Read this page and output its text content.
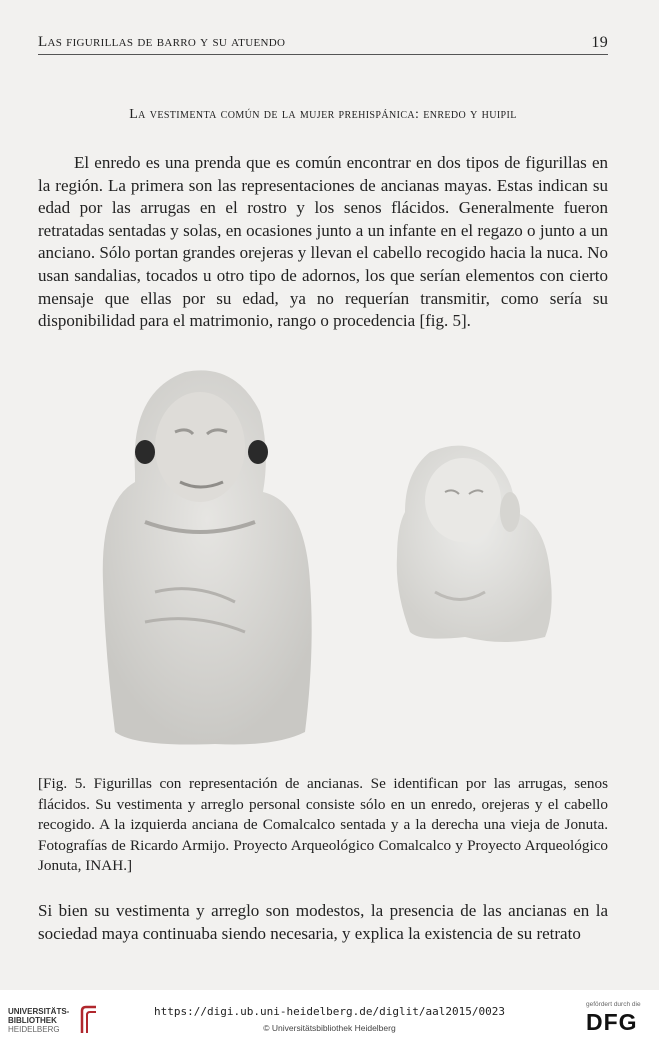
Las figurillas de barro y su atuendo	19
La vestimenta común de la mujer prehispánica: enredo y huipil
El enredo es una prenda que es común encontrar en dos tipos de figurillas en la región. La primera son las representaciones de ancianas mayas. Estas indican su edad por las arrugas en el rostro y los senos flácidos. Generalmente fueron retratadas sentadas y solas, en ocasiones junto a un infante en el regazo o junto a un anciano. Sólo portan grandes orejeras y llevan el cabello recogido hacia la nuca. No usan sandalias, tocados u otro tipo de adornos, los que serían elementos con cierto mensaje que ellas por su edad, ya no requerían transmitir, como sería su disponibilidad para el matrimonio, rango o procedencia [fig. 5].
[Fig. 5. Figurillas con representación de ancianas. Se identifican por las arrugas, senos flácidos. Su vestimenta y arreglo personal consiste sólo en un enredo, orejeras y el cabello recogido. A la izquierda anciana de Comalcalco sentada y a la derecha una vieja de Jonuta. Fotografías de Ricardo Armijo. Proyecto Arqueológico Comalcalco y Proyecto Arqueológico Jonuta, INAH.]
Si bien su vestimenta y arreglo son modestos, la presencia de las ancianas en la sociedad maya continuaba siendo necesaria, y explica la existencia de su retrato
UNIVERSITÄTS-
BIBLIOTHEK
HEIDELBERG
https://digi.ub.uni-heidelberg.de/diglit/aal2015/0023
© Universitätsbibliothek Heidelberg
gefördert durch die
DFG
